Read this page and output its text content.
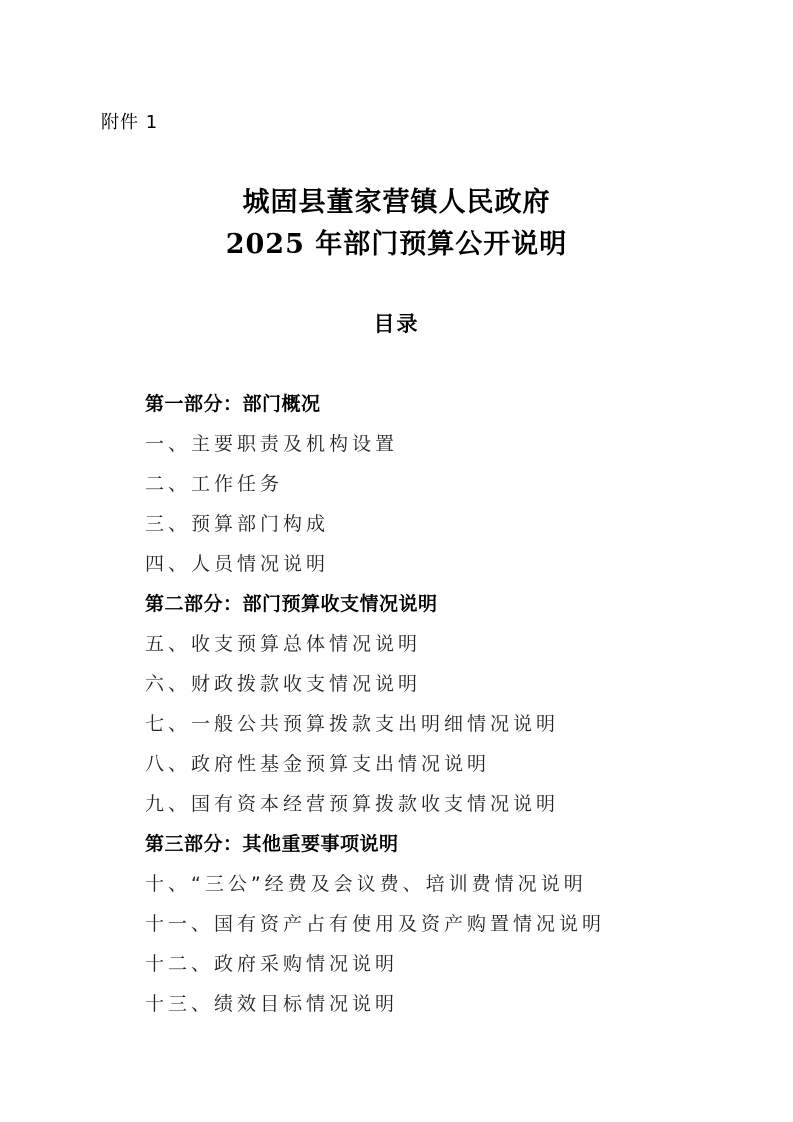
附件 1
城固县董家营镇人民政府
2025 年部门预算公开说明
目录
第一部分：部门概况
一、主要职责及机构设置
二、工作任务
三、预算部门构成
四、人员情况说明
第二部分：部门预算收支情况说明
五、收支预算总体情况说明
六、财政拨款收支情况说明
七、一般公共预算拨款支出明细情况说明
八、政府性基金预算支出情况说明
九、国有资本经营预算拨款收支情况说明
第三部分：其他重要事项说明
十、“三公”经费及会议费、培训费情况说明
十一、国有资产占有使用及资产购置情况说明
十二、政府采购情况说明
十三、绩效目标情况说明
